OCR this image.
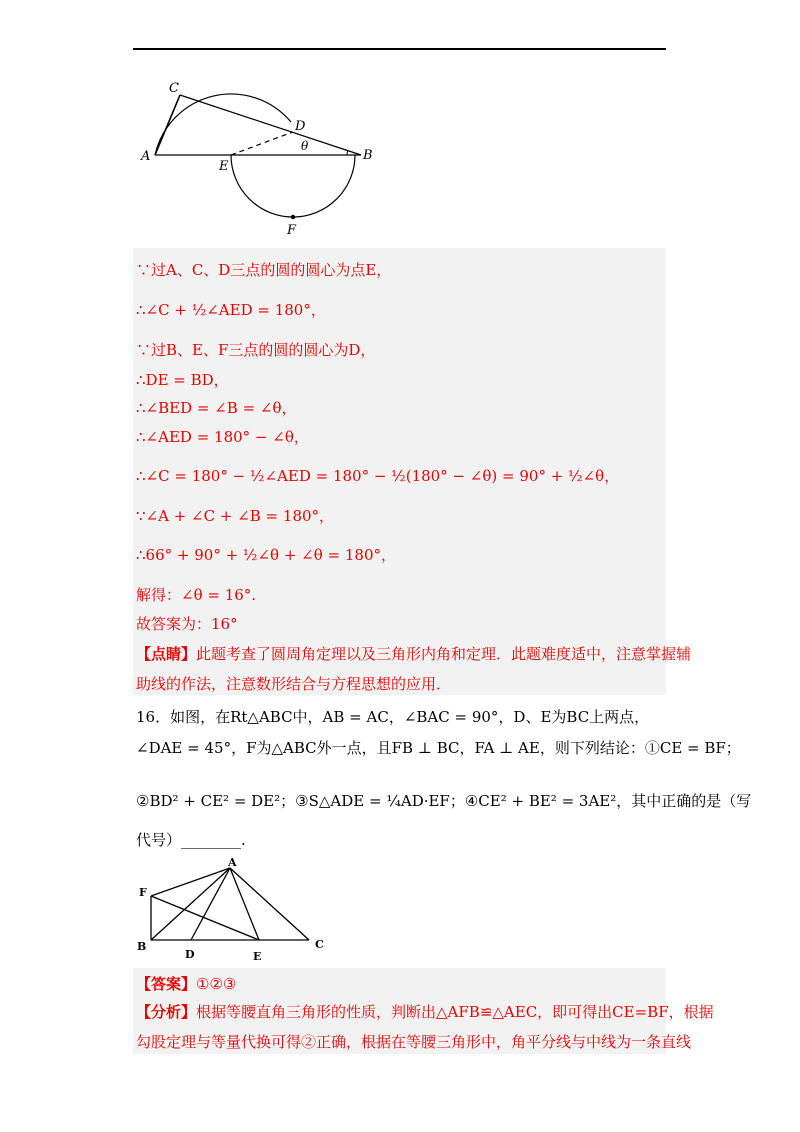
A
C
D
E
B
F
θ
∵过A、C、D三点的圆的圆心为点E，
∴∠C + ½∠AED = 180°，
∵过B、E、F三点的圆的圆心为D，
∴DE = BD，
∴∠BED = ∠B = ∠θ，
∴∠AED = 180° − ∠θ，
∴∠C = 180° − ½∠AED = 180° − ½(180° − ∠θ) = 90° + ½∠θ，
∵∠A + ∠C + ∠B = 180°，
∴66° + 90° + ½∠θ + ∠θ = 180°，
解得：∠θ = 16°.
故答案为：16°
【点睛】此题考查了圆周角定理以及三角形内角和定理．此题难度适中，注意掌握辅
助线的作法，注意数形结合与方程思想的应用．
16．如图，在Rt△ABC中，AB = AC，∠BAC = 90°，D、E为BC上两点，
∠DAE = 45°，F为△ABC外一点，且FB ⊥ BC，FA ⊥ AE，则下列结论：①CE = BF；
②BD² + CE² = DE²；③S△ADE = ¼AD·EF；④CE² + BE² = 3AE²，其中正确的是（写
代号）________.
A
F
B
D	E
C
【答案】①②③
【分析】根据等腰直角三角形的性质，判断出△AFB≌△AEC，即可得出CE=BF，根据
勾股定理与等量代换可得②正确，根据在等腰三角形中，角平分线与中线为一条直线
